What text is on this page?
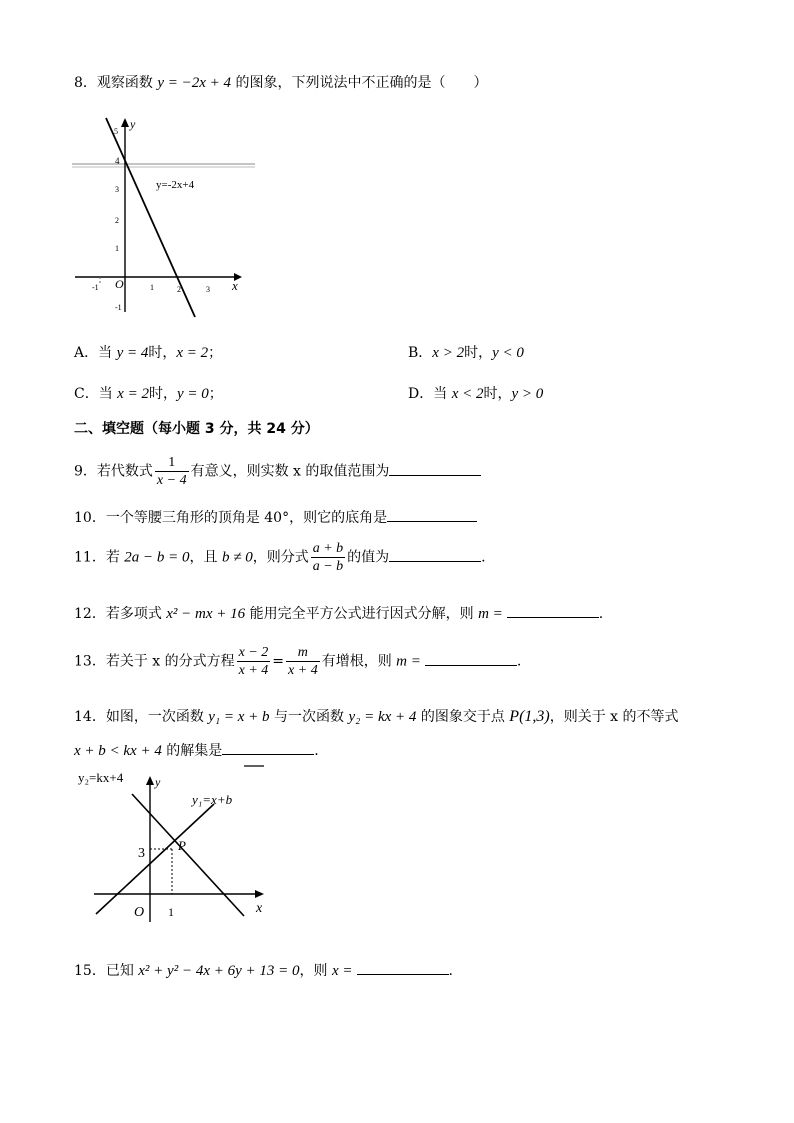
8．观察函数 y = −2x + 4 的图象，下列说法中不正确的是（　　）
y=-2x+4
x
y
O
-1	1	2	3
5
4
3
2
1
-1
A．当 y = 4时，x = 2；	B．x > 2时，y < 0
C．当 x = 2时，y = 0；	D．当 x < 2时，y > 0
二、填空题（每小题 3 分，共 24 分）
9．若代数式 $\frac{1}{x - 4}$ 有意义，则实数 x 的取值范围为
10．一个等腰三角形的顶角是 40°，则它的底角是
11．若 2a − b = 0，且 b ≠ 0，则分式 $\frac{a + b}{a - b}$ 的值为	.
12．若多项式 x² − mx + 16 能用完全平方公式进行因式分解，则 m =	.
13．若关于 x 的分式方程 $\frac{x - 2}{x + 4} = \frac{m}{x + 4}$ 有增根，则 m =	.
14．如图，一次函数 y₁ = x + b 与一次函数 y₂ = kx + 4 的图象交于点 P(1,3)，则关于 x 的不等式
x + b < kx + 4 的解集是	.
y₂=kx+4	y
y₁=x+b
P
3
O 1	x
15．已知 x² + y² − 4x + 6y + 13 = 0，则 x =	.
